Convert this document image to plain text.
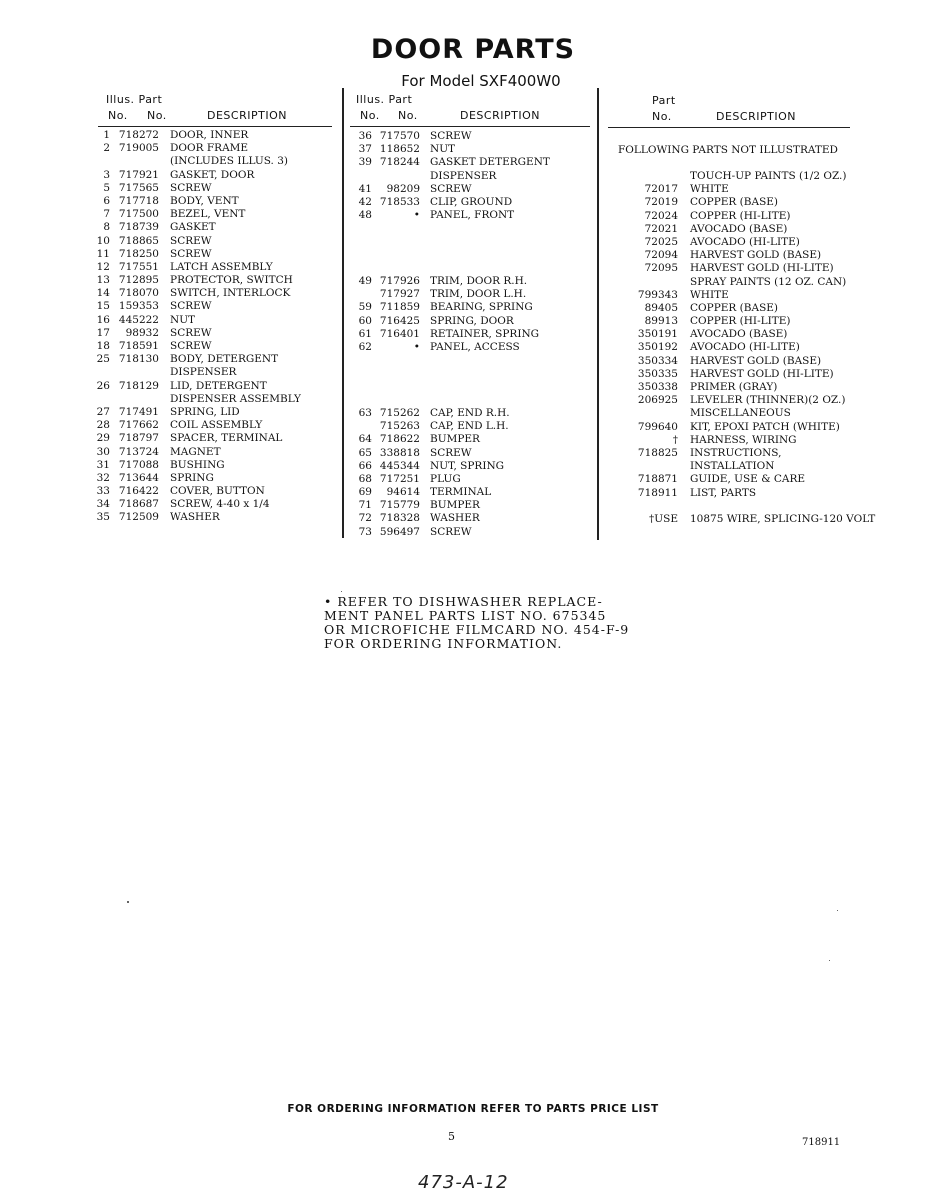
DOOR PARTS
For Model SXF400W0
Illus. Part
No. No.	DESCRIPTION
Illus. Part
No. No.	DESCRIPTION
Part
No.	DESCRIPTION
1 718272 DOOR, INNER
2 719005 DOOR FRAME
(INCLUDES ILLUS. 3)
3 717921 GASKET, DOOR
5 717565 SCREW
6 717718 BODY, VENT
7 717500 BEZEL, VENT
8 718739 GASKET
10 718865 SCREW
11 718250 SCREW
12 717551 LATCH ASSEMBLY
13 712895 PROTECTOR, SWITCH
14 718070 SWITCH, INTERLOCK
15 159353 SCREW
16 445222 NUT
17	98932 SCREW
18 718591 SCREW
25 718130 BODY, DETERGENT
DISPENSER
26 718129 LID, DETERGENT
DISPENSER ASSEMBLY
27 717491 SPRING, LID
28 717662 COIL ASSEMBLY
29 718797 SPACER, TERMINAL
30 713724 MAGNET
31 717088 BUSHING
32 713644 SPRING
33 716422 COVER, BUTTON
34 718687 SCREW, 4-40 x 1/4
35 712509 WASHER
36 717570 SCREW
37 118652 NUT
39 718244 GASKET DETERGENT
DISPENSER
41	98209 SCREW
42 718533 CLIP, GROUND
48	• PANEL, FRONT
49 717926 TRIM, DOOR R.H.
717927 TRIM, DOOR L.H.
59 711859 BEARING, SPRING
60 716425 SPRING, DOOR
61 716401 RETAINER, SPRING
62	• PANEL, ACCESS
63 715262 CAP, END R.H.
715263 CAP, END L.H.
64 718622 BUMPER
65 338818 SCREW
66 445344 NUT, SPRING
68 717251 PLUG
69	94614 TERMINAL
71 715779 BUMPER
72 718328 WASHER
73 596497 SCREW
FOLLOWING PARTS NOT ILLUSTRATED
TOUCH-UP PAINTS (1/2 OZ.)
72017 WHITE
72019 COPPER (BASE)
72024 COPPER (HI-LITE)
72021 AVOCADO (BASE)
72025 AVOCADO (HI-LITE)
72094 HARVEST GOLD (BASE)
72095 HARVEST GOLD (HI-LITE)
SPRAY PAINTS (12 OZ. CAN)
799343 WHITE
89405 COPPER (BASE)
89913 COPPER (HI-LITE)
350191 AVOCADO (BASE)
350192 AVOCADO (HI-LITE)
350334 HARVEST GOLD (BASE)
350335 HARVEST GOLD (HI-LITE)
350338 PRIMER (GRAY)
206925 LEVELER (THINNER)(2 OZ.)
MISCELLANEOUS
799640 KIT, EPOXI PATCH (WHITE)
† HARNESS, WIRING
718825 INSTRUCTIONS,
INSTALLATION
718871 GUIDE, USE & CARE
718911 LIST, PARTS
†USE 10875 WIRE, SPLICING-120 VOLT
• REFER TO DISHWASHER REPLACE-
MENT PANEL PARTS LIST NO. 675345
OR MICROFICHE FILMCARD NO. 454-F-9
FOR ORDERING INFORMATION.
FOR ORDERING INFORMATION REFER TO PARTS PRICE LIST
5	718911
473-A-12
